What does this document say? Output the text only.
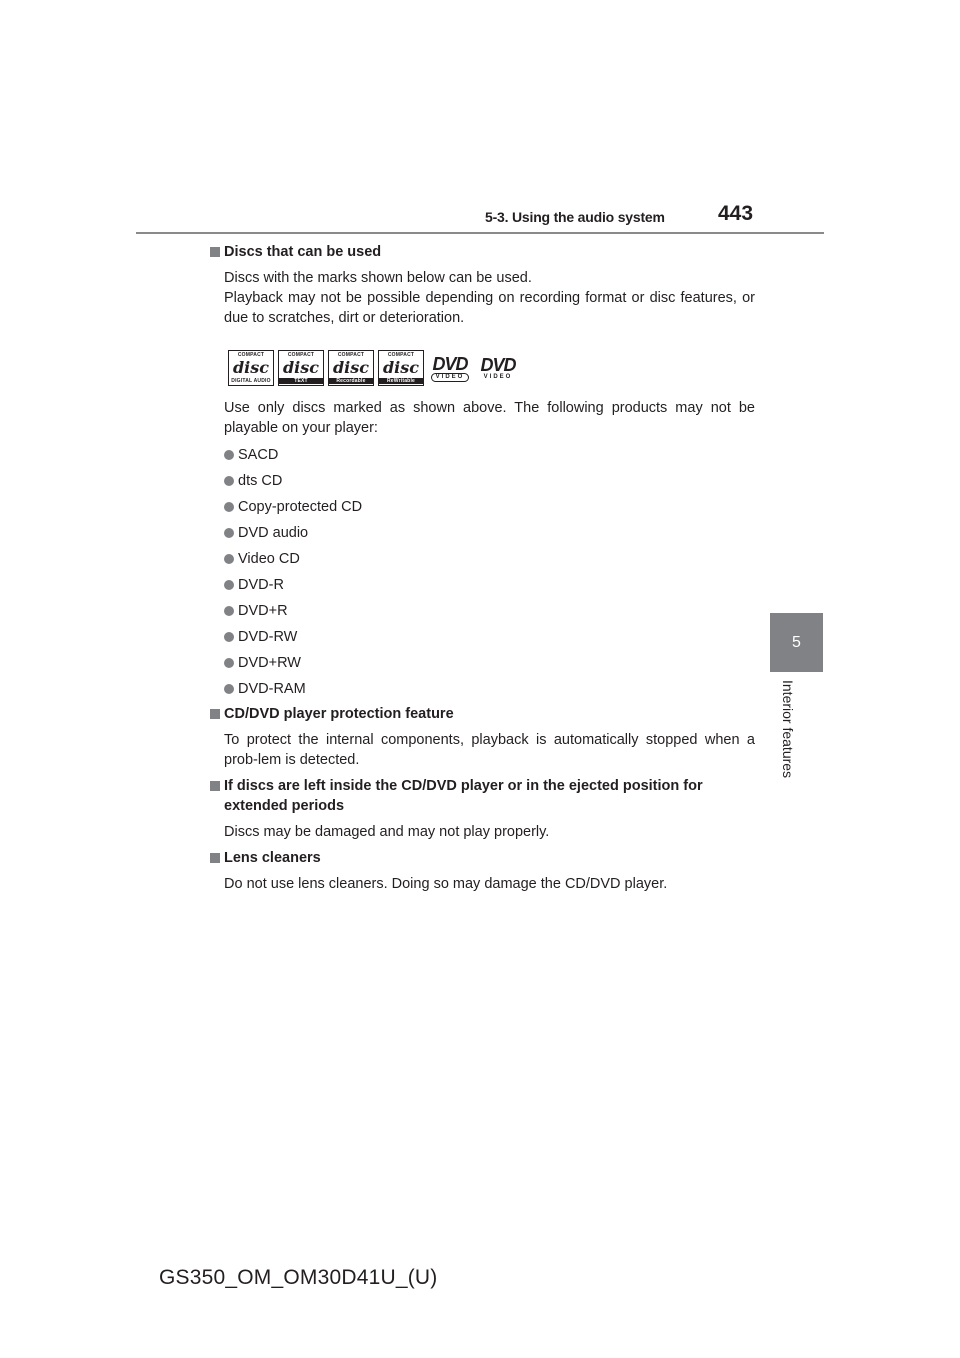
5-3. Using the audio system	443
5
Interior features

Discs that can be used

Discs with the marks shown below can be used.

Playback may not be possible depending on recording format or disc features, or due to scratches, dirt or deterioration.

COMPACT
disc
DIGITAL AUDIO
COMPACT
disc
TEXT
COMPACT
disc
Recordable
COMPACT
disc
ReWritable
DVD
VIDEO
DVD
VIDEO

Use only discs marked as shown above. The following products may not be playable on your player:

SACD
dts CD
Copy-protected CD
DVD audio
Video CD
DVD-R
DVD+R
DVD-RW
DVD+RW
DVD-RAM

CD/DVD player protection feature

To protect the internal components, playback is automatically stopped when a prob-lem is detected.

If discs are left inside the CD/DVD player or in the ejected position for extended periods

Discs may be damaged and may not play properly.

Lens cleaners

Do not use lens cleaners. Doing so may damage the CD/DVD player.

GS350_OM_OM30D41U_(U)
